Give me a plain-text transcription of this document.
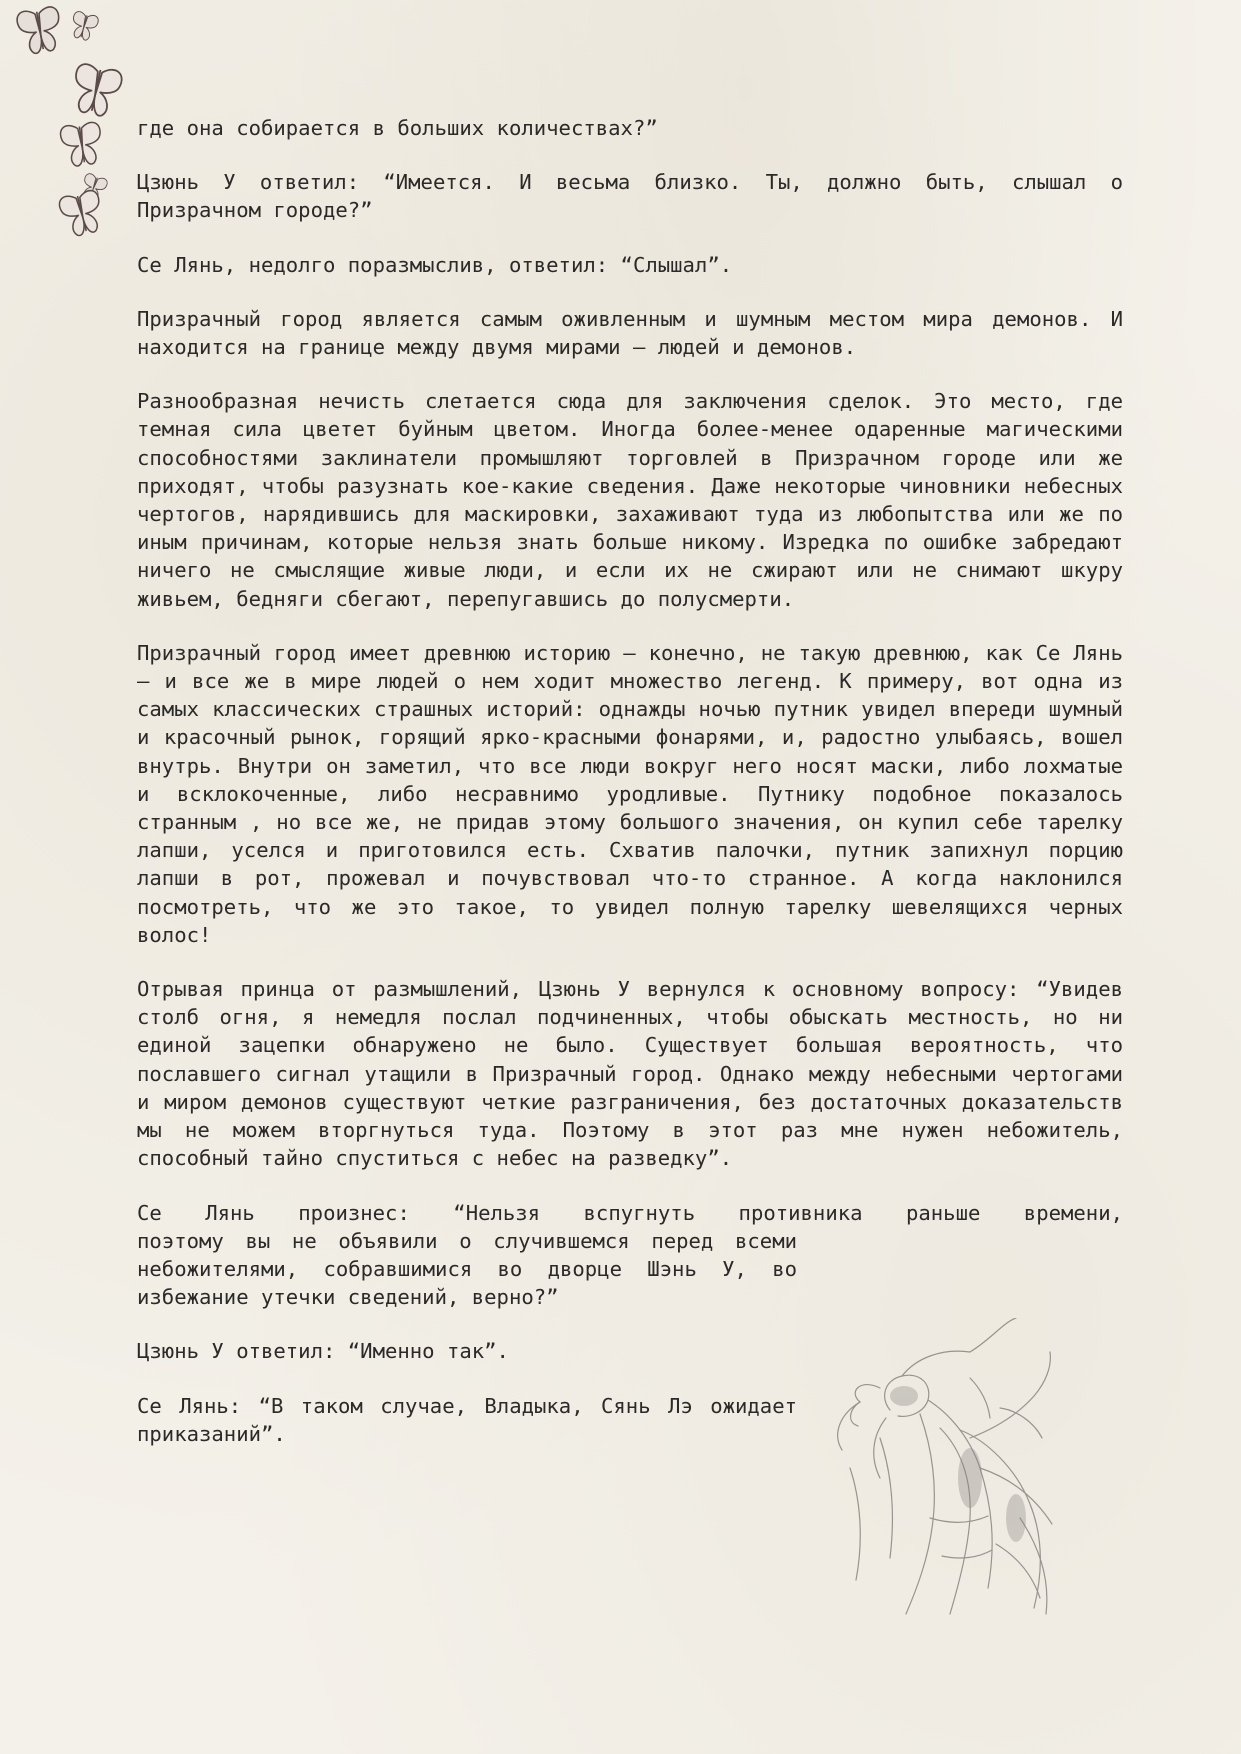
где она собирается в больших количествах?”

Цзюнь У ответил: “Имеется. И весьма близко. Ты, должно быть, слышал о Призрачном городе?”

Се Лянь, недолго поразмыслив, ответил: “Слышал”.

Призрачный город является самым оживленным и шумным местом мира демонов. И находится на границе между двумя мирами — людей и демонов.

Разнообразная нечисть слетается сюда для заключения сделок. Это место, где темная сила цветет буйным цветом. Иногда более-менее одаренные магическими способностями заклинатели промышляют торговлей в Призрачном городе или же приходят, чтобы разузнать кое-какие сведения. Даже некоторые чиновники небесных чертогов, нарядившись для маскировки, захаживают туда из любопытства или же по иным причинам, которые нельзя знать больше никому. Изредка по ошибке забредают ничего не смыслящие живые люди, и если их не сжирают или не снимают шкуру живьем, бедняги сбегают, перепугавшись до полусмерти.

Призрачный город имеет древнюю историю — конечно, не такую древнюю, как Се Лянь — и все же в мире людей о нем ходит множество легенд. К примеру, вот одна из самых классических страшных историй: однажды ночью путник увидел впереди шумный и красочный рынок, горящий ярко-красными фонарями, и, радостно улыбаясь, вошел внутрь. Внутри он заметил, что все люди вокруг него носят маски, либо лохматые и всклокоченные, либо несравнимо уродливые. Путнику подобное показалось странным , но все же, не придав этому большого значения, он купил себе тарелку лапши, уселся и приготовился есть. Схватив палочки, путник запихнул порцию лапши в рот, прожевал и почувствовал что-то странное. А когда наклонился посмотреть, что же это такое, то увидел полную тарелку шевелящихся черных волос!

Отрывая принца от размышлений, Цзюнь У вернулся к основному вопросу: “Увидев столб огня, я немедля послал подчиненных, чтобы обыскать местность, но ни единой зацепки обнаружено не было. Существует большая вероятность, что пославшего сигнал утащили в Призрачный город. Однако между небесными чертогами и миром демонов существуют четкие разграничения, без достаточных доказательств мы не можем вторгнуться туда. Поэтому в этот раз мне нужен небожитель, способный тайно спуститься с небес на разведку”.

Се Лянь произнес: “Нельзя вспугнуть противника раньше времени,
поэтому вы не объявили о случившемся перед всеми небожителями, собравшимися во дворце Шэнь У, во избежание утечки сведений, верно?”

Цзюнь У ответил: “Именно так”.

Се Лянь: “В таком случае, Владыка, Сянь Лэ ожидает приказаний”.
